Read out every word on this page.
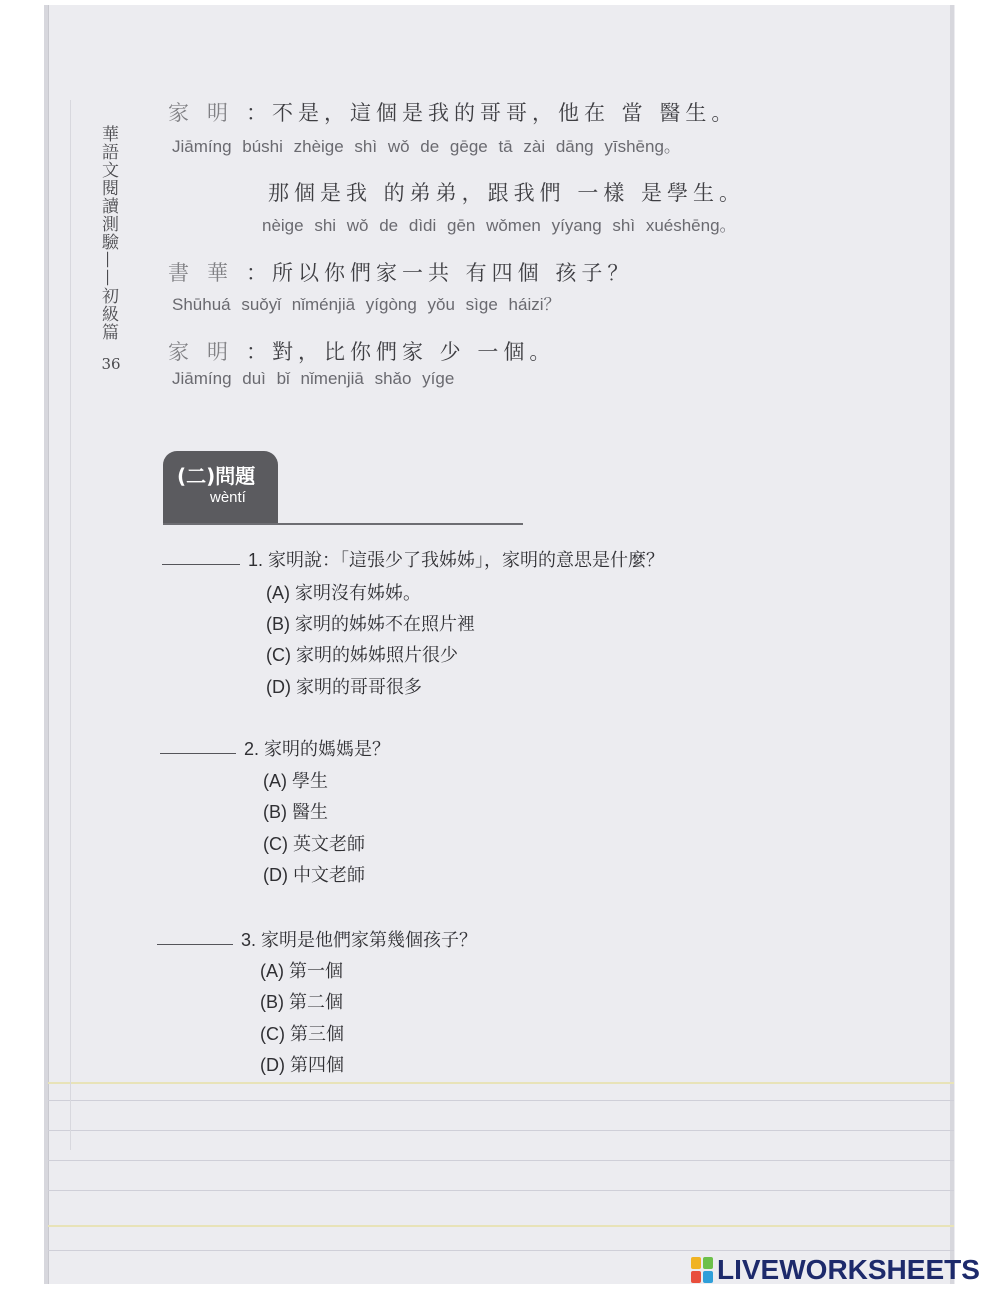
華語文閱讀測驗——初級篇
36
家明：不是，這個是我的哥哥，他在 當 醫生。
Jiāmíng búshi zhèige shì wǒ de gēge tā zài dāng yīshēng。
那個是我 的弟弟，跟我們 一樣 是學生。
nèige shi wǒ de dìdi gēn wǒmen yíyang shì xuéshēng。
書華：所以你們家一共 有四個 孩子？
Shūhuá suǒyǐ nǐménjiā yígòng yǒu sìge háizi？
家明：對，比你們家 少 一個。
Jiāmíng duì bǐ nǐmenjiā shǎo yíge
(二)問題
wèntí
1. 家明說：「這張少了我姊姊」，家明的意思是什麼？
(A) 家明沒有姊姊。
(B) 家明的姊姊不在照片裡
(C) 家明的姊姊照片很少
(D) 家明的哥哥很多
2. 家明的媽媽是？
(A) 學生
(B) 醫生
(C) 英文老師
(D) 中文老師
3. 家明是他們家第幾個孩子？
(A) 第一個
(B) 第二個
(C) 第三個
(D) 第四個
LIVEWORKSHEETS
